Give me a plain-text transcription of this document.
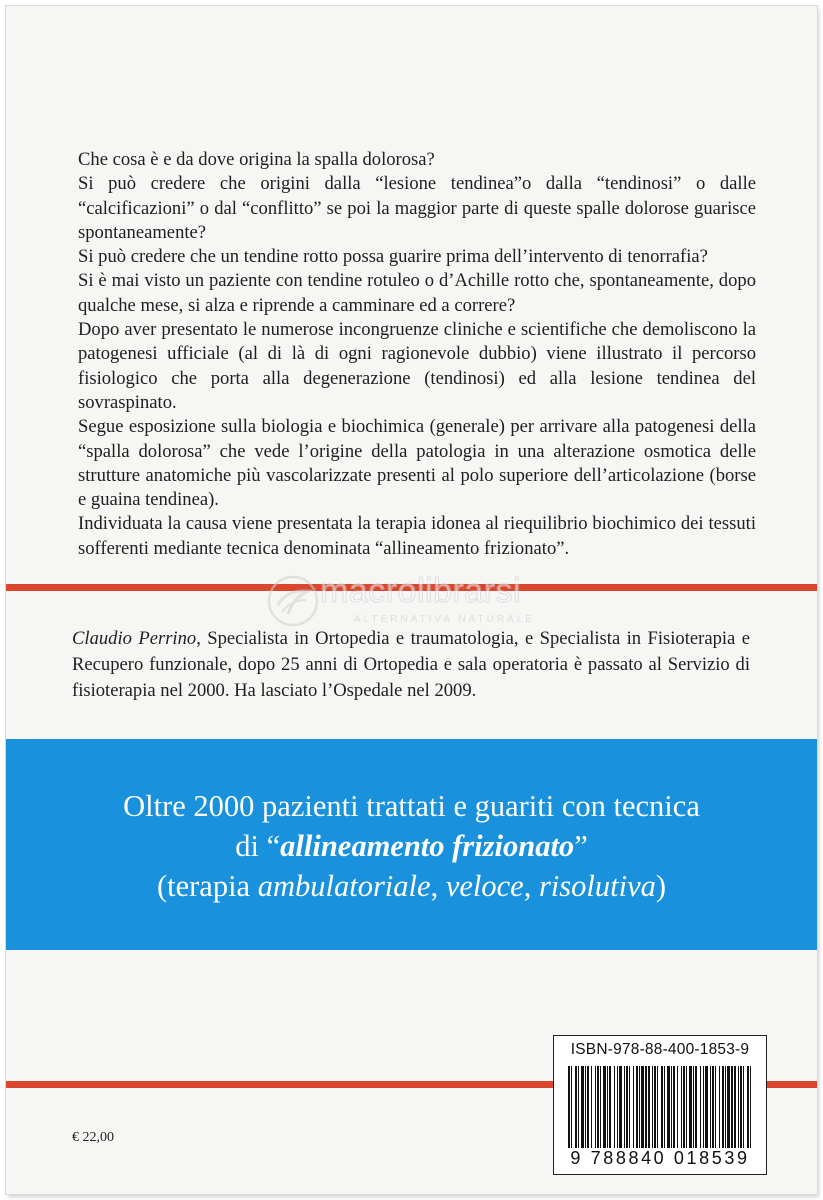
Che cosa è e da dove origina la spalla dolorosa?

Si può credere che origini dalla “lesione tendinea”o dalla “tendinosi” o dalle “calcificazioni” o dal “conflitto” se poi la maggior parte di queste spalle dolorose guarisce spontaneamente?

Si può credere che un tendine rotto possa guarire prima dell’intervento di tenorrafia?

Si è mai visto un paziente con tendine rotuleo o d’Achille rotto che, spontaneamente, dopo qualche mese, si alza e riprende a camminare ed a correre?

Dopo aver presentato le numerose incongruenze cliniche e scientifiche che demoliscono la patogenesi ufficiale (al di là di ogni ragionevole dubbio) viene illustrato il percorso fisiologico che porta alla degenerazione (tendinosi) ed alla lesione tendinea del sovraspinato.

Segue esposizione sulla biologia e biochimica (generale) per arrivare alla patogenesi della “spalla dolorosa” che vede l’origine della patologia in una alterazione osmotica delle strutture anatomiche più vascolarizzate presenti al polo superiore dell’articolazione (borse e guaina tendinea).

Individuata la causa viene presentata la terapia idonea al riequilibrio biochimico dei tessuti sofferenti mediante tecnica denominata “allineamento frizionato”.

macrolibrarsi
ALTERNATIVA NATURALE
Claudio Perrino, Specialista in Ortopedia e traumatologia, e Specialista in Fisioterapia e Recupero funzionale, dopo 25 anni di Ortopedia e sala operatoria è passato al Servizio di fisioterapia nel 2000. Ha lasciato l’Ospedale nel 2009.
Oltre 2000 pazienti trattati e guariti con tecnica
di “allineamento frizionato”
(terapia ambulatoriale, veloce, risolutiva)
ISBN-978-88-400-1853-9
9 788840 018539
€ 22,00
